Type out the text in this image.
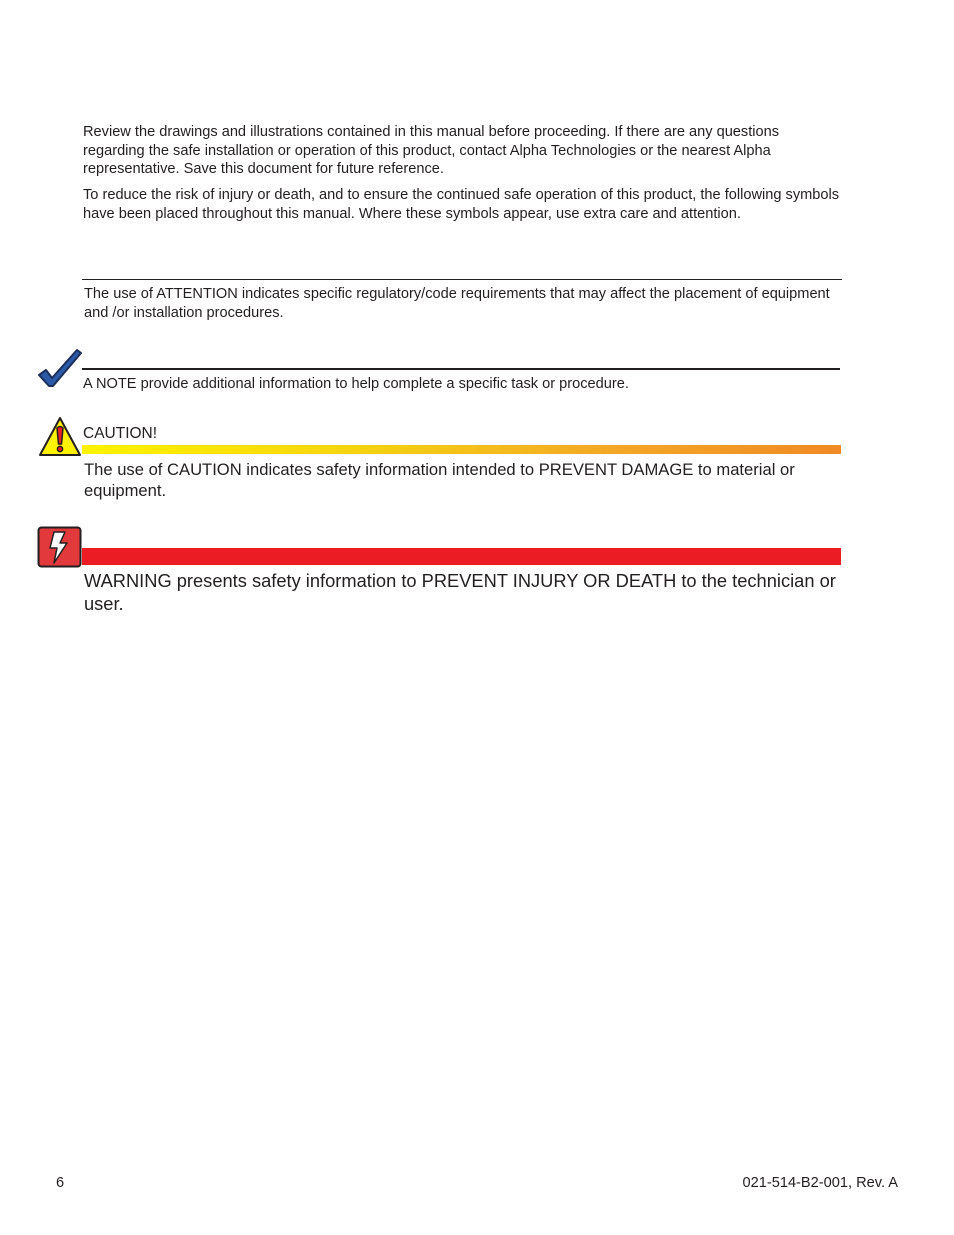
Review the drawings and illustrations contained in this manual before proceeding. If there are any questions regarding the safe installation or operation of this product, contact Alpha Technologies or the nearest Alpha representative. Save this document for future reference.

To reduce the risk of injury or death, and to ensure the continued safe operation of this product, the following symbols have been placed throughout this manual. Where these symbols appear, use extra care and attention.

The use of ATTENTION indicates specific regulatory/code requirements that may affect the placement of equipment and /or installation procedures.

A NOTE provide additional information to help complete a specific task or procedure.

CAUTION!

The use of CAUTION indicates safety information intended to PREVENT DAMAGE to material or equipment.

WARNING presents safety information to PREVENT INJURY OR DEATH to the technician or user.

6	021-514-B2-001, Rev. A
